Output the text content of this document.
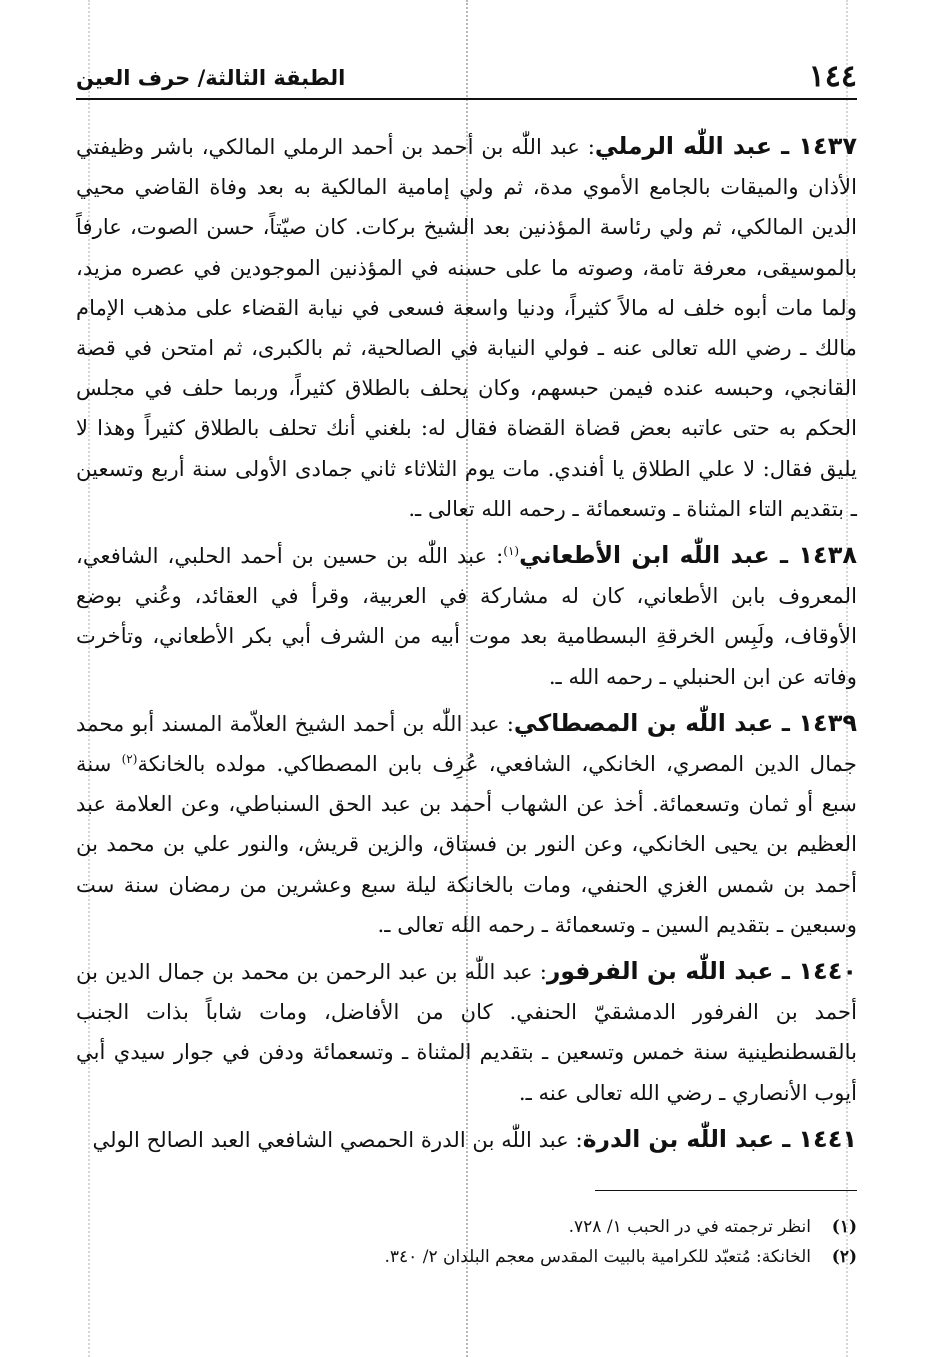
١٤٤
الطبقة الثالثة/ حرف العين

١٤٣٧ ـ عبد اللّٰه الرملي: عبد اللّٰه بن أحمد بن أحمد الرملي المالكي، باشر وظيفتي الأذان والميقات بالجامع الأموي مدة، ثم ولي إمامية المالكية به بعد وفاة القاضي محيي الدين المالكي، ثم ولي رئاسة المؤذنين بعد الشيخ بركات. كان صيّتاً، حسن الصوت، عارفاً بالموسيقى، معرفة تامة، وصوته ما على حسنه في المؤذنين الموجودين في عصره مزيد، ولما مات أبوه خلف له مالاً كثيراً، ودنيا واسعة فسعى في نيابة القضاء على مذهب الإمام مالك ـ رضي الله تعالى عنه ـ فولي النيابة في الصالحية، ثم بالكبرى، ثم امتحن في قصة القانجي، وحبسه عنده فيمن حبسهم، وكان يحلف بالطلاق كثيراً، وربما حلف في مجلس الحكم به حتى عاتبه بعض قضاة القضاة فقال له: بلغني أنك تحلف بالطلاق كثيراً وهذا لا يليق فقال: لا علي الطلاق يا أفندي. مات يوم الثلاثاء ثاني جمادى الأولى سنة أربع وتسعين ـ بتقديم التاء المثناة ـ وتسعمائة ـ رحمه الله تعالى ـ.

١٤٣٨ ـ عبد اللّٰه ابن الأطعاني$^{(١)}$: عبد اللّٰه بن حسين بن أحمد الحلبي، الشافعي، المعروف بابن الأطعاني، كان له مشاركة في العربية، وقرأ في العقائد، وعُني بوضع الأوقاف، ولَبِس الخرقةِ البسطامية بعد موت أبيه من الشرف أبي بكر الأطعاني، وتأخرت وفاته عن ابن الحنبلي ـ رحمه الله ـ.

١٤٣٩ ـ عبد اللّٰه بن المصطاكي: عبد اللّٰه بن أحمد الشيخ العلاّمة المسند أبو محمد جمال الدين المصري، الخانكي، الشافعي، عُرِف بابن المصطاكي. مولده بالخانكة$^{(٢)}$ سنة سبع أو ثمان وتسعمائة. أخذ عن الشهاب أحمد بن عبد الحق السنباطي، وعن العلامة عبد العظيم بن يحيى الخانكي، وعن النور بن فستاق، والزين قريش، والنور علي بن محمد بن أحمد بن شمس الغزي الحنفي، ومات بالخانكة ليلة سبع وعشرين من رمضان سنة ست وسبعين ـ بتقديم السين ـ وتسعمائة ـ رحمه الله تعالى ـ.

١٤٤٠ ـ عبد اللّٰه بن الفرفور: عبد اللّٰه بن عبد الرحمن بن محمد بن جمال الدين بن أحمد بن الفرفور الدمشقيّ الحنفي. كان من الأفاضل، ومات شاباً بذات الجنب بالقسطنطينية سنة خمس وتسعين ـ بتقديم المثناة ـ وتسعمائة ودفن في جوار سيدي أبي أيوب الأنصاري ـ رضي الله تعالى عنه ـ.

١٤٤١ ـ عبد اللّٰه بن الدرة: عبد اللّٰه بن الدرة الحمصي الشافعي العبد الصالح الولي

(١)
انظر ترجمته في در الحبب ١/ ٧٢٨.
(٢)
الخانكة: مُتعبّد للكرامية بالبيت المقدس معجم البلدان ٢/ ٣٤٠.
